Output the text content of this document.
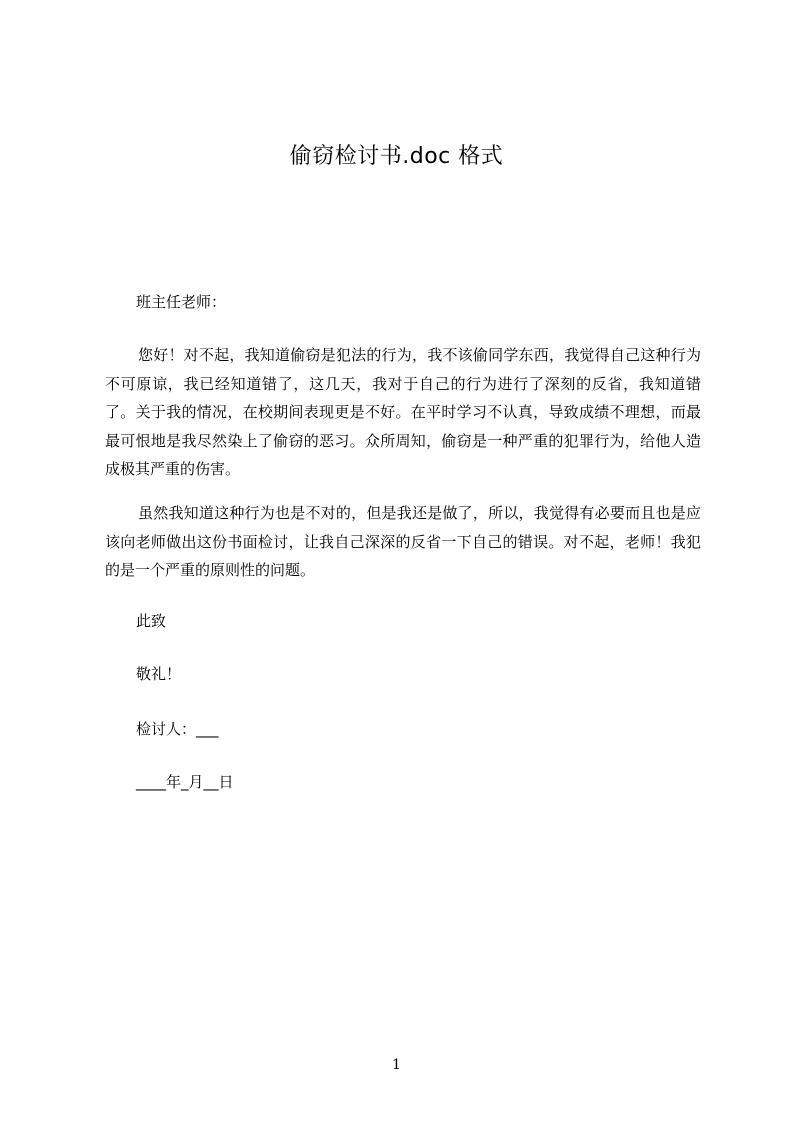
偷窃检讨书.doc 格式
班主任老师：
您好！对不起，我知道偷窃是犯法的行为，我不该偷同学东西，我觉得自己这种行为不可原谅，我已经知道错了，这几天，我对于自己的行为进行了深刻的反省，我知道错了。关于我的情况，在校期间表现更是不好。在平时学习不认真，导致成绩不理想，而最最可恨地是我尽然染上了偷窃的恶习。众所周知，偷窃是一种严重的犯罪行为，给他人造成极其严重的伤害。
虽然我知道这种行为也是不对的，但是我还是做了，所以，我觉得有必要而且也是应该向老师做出这份书面检讨，让我自己深深的反省一下自己的错误。对不起，老师！我犯的是一个严重的原则性的问题。
此致
敬礼！
检讨人：___
____年_月__日
1
